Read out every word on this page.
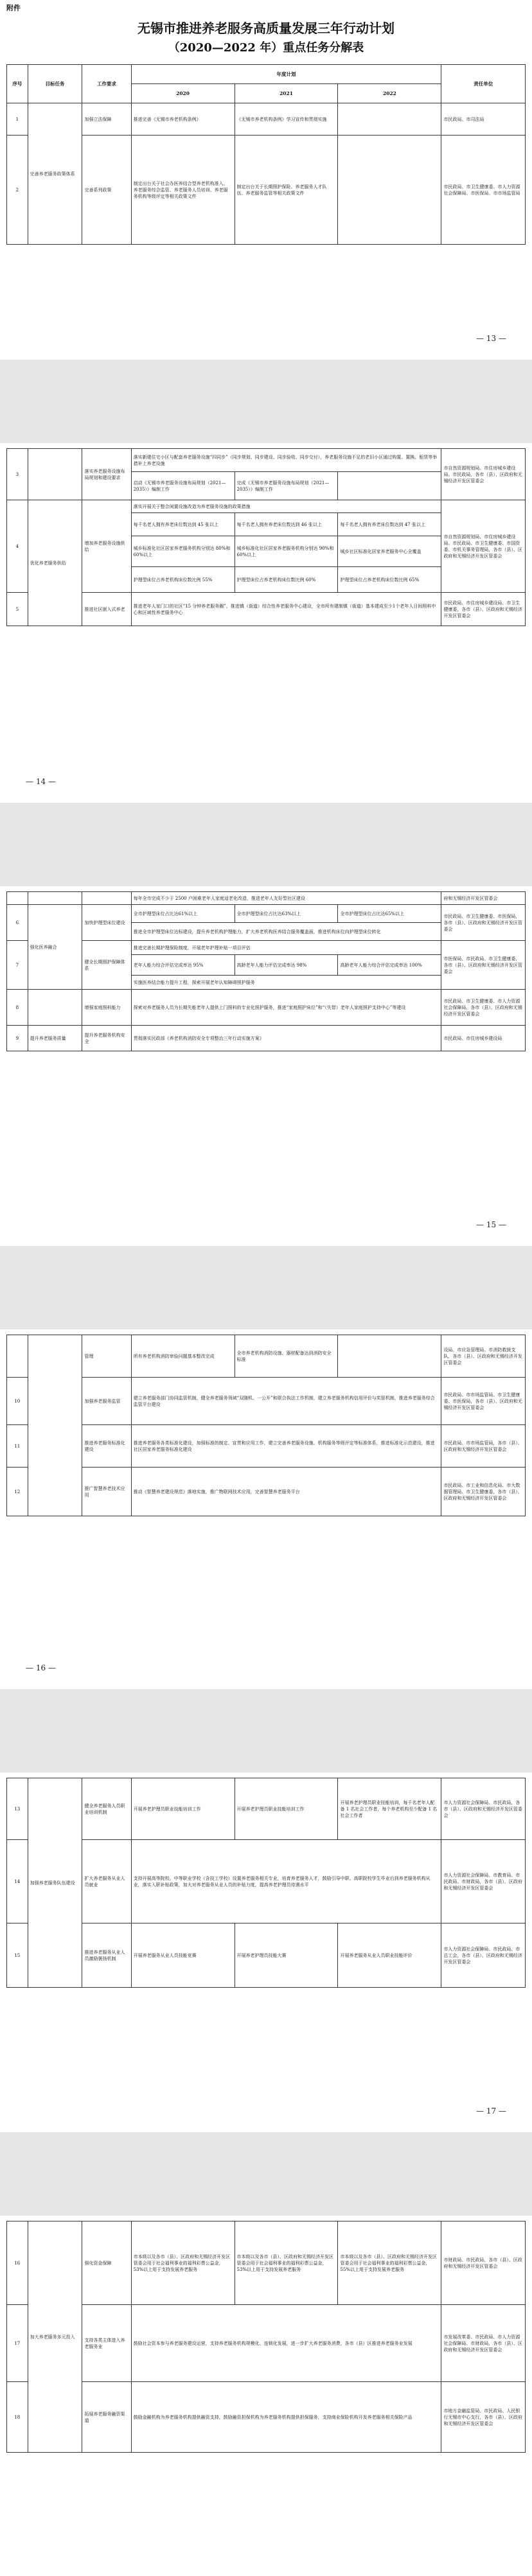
附件
无锡市推进养老服务高质量发展三年行动计划
（2020—2022 年）重点任务分解表
序号	目标任务	工作要求	年度计划			责任单位
			2020	2021	2022	
1	完善养老服务政策体系	加强立法保障	推进完善《无锡市养老机构条例》	《无锡市养老机构条例》学习宣传和贯彻实施		市民政局、市司法局
2		完善系列政策	制定出台关于社会办医养结合型养老机构准入、养老服务综合监管、养老服务人员培训、养老服务机构等级评定等相关政策文件	制定出台关于长期照护保险、养老服务人才队伍、养老服务监管等相关政策文件		市民政局、市卫生健康委、市人力资源社会保障局、市医保局、市市场监管局
— 13 —
3		落实养老服务设施布局规划和建设要求	落实新建住宅小区与配套养老服务设施“四同步”（同步规划、同步建设、同步验收、同步交付），养老服务设施不足的老旧小区通过购置、置换、租赁等举措补上养老设施			市自然资源规划局、市住房城乡建设局、市民政局，各市（县）、区政府和无锡经济开发区管委会
			启动《无锡市养老服务设施布局规划（2021—2035）》编制工作	完成《无锡市养老服务设施布局规划（2021—2035）》编制工作		
4	优化养老服务供给	增加养老服务设施供给	落实开展关于整合闲置设施改造为养老服务设施的政策措施			市自然资源规划局、市住房城乡建设局、市民政局、市卫生健康委、市国资委、市机关事务管理局，各市（县）、区政府和无锡经济开发区管委会
			每千名老人拥有养老床位数达到 45 张以上	每千名老人拥有养老床位数达到 46 张以上	每千名老人拥有养老床位数达到 47 张以上	
			城乡标准化社区居家养老服务机构分别达 80%和 60%以上	城乡标准化社区居家养老服务机构分别达 90%和 60%以上	城乡社区标准化居家养老服务中心全覆盖	
			护理型床位占养老机构床位数比例 55%	护理型床位占养老机构床位数比例 60%	护理型床位占养老机构床位数比例 65%	
5		推进社区嵌入式养老	推进老年人家门口的社区“15 分钟养老服务圈”，推进镇（街道）综合性养老服务中心建设，全市所有建制镇（街道）基本建成至少1个老年人日间照料中心和区域性养老服务中心			市民政局、市住房城乡建设局、市卫生健康委，各市（县）、区政府和无锡经济开发区管委会
— 14 —
			每年全市完成不少于 2500 户困难老年人家庭适老化改造，推进老年人友好型社区建设			府和无锡经济开发区管委会
6	强化医养融合	加快护理型床位建设	全市护理型床位占比达61%以上	全市护理型床位占比达63%以上	全市护理型床位占比达65%以上	市民政局、市卫生健康委、市医保局，各市（县）、区政府和无锡经济开发区管委会
			推进全市护理型床位达标建设，提升养老机构护理能力，扩大养老机构医养结合服务覆盖面，推进机构床位向护理型床位转化			
7		健全长期照护保障体系	推进完善长期护理保险制度，开展老年护理补贴一项目评估			市医保局、市民政局、市卫生健康委，各市（县）、区政府和无锡经济开发区管委会
			老年人能力综合评估完成率达 95%	高龄老年人能力评估完成率达 98%	高龄老年人能力综合评估完成率达 100%	
			实施医养结合能力提升工程，探索开展老年认知障碍照护服务			
8		增强家庭照料能力	探索对养老服务人员为长期失能老年人提供上门照料的专业化照护服务，推进“家庭照护床位”和“（失智）老年人家庭照护支持中心”等建设			市民政局、市卫生健康委、市人力资源社会保障局，各市（县）、区政府和无锡经济开发区管委会
9	提升养老服务质量	提升养老服务机构安全	贯彻落实民政部《养老机构消防安全专项整治三年行动实施方案》			市民政局、市住房城乡建设局
— 15 —
		管理	所有养老机构消防审验问题基本整改完成	全市养老机构消防设施、器材配备达到消防安全标准		设局、市应急管理局、市消防救援支队，各市（县）、区政府和无锡经济开发区管委会
10		加强养老服务监管	建立养老服务部门协同监管机制，健全养老服务领域“双随机、一公开”和联合执法工作机制，建立养老服务机构信用评价与奖惩机制，推进养老服务综合监管平台建设			市民政局、市市场监管局、市卫生健康委、市医保局，各市（县）、区政府和无锡经济开发区管委会
11		推进养老服务标准化建设	推进养老服务各类标准化建设，加强标准的制定、宣贯和应用工作，建立完善养老服务设施、机构服务等级评定等标准体系，推进标准化示范建设，推进社区居家养老服务标准化建设			市民政局、市市场监管局，各市（县）、区政府和无锡经济开发区管委会
12		推广智慧养老技术应用	推动《智慧养老建设规范》落地实施，推广物联网技术应用，完善智慧养老服务平台			市民政局、市工业和信息化局、市大数据管理局、市卫生健康委，各市（县）、区政府和无锡经济开发区管委会
— 16 —
13	加强养老服务队伍建设	健全养老服务人员职业培训机制	开展养老护理员职业技能培训工作	开展养老护理员职业技能培训工作	开展养老护理员职业技能培训，每千名老年人配备 1 名社会工作者，每个养老机构至少配备 1 名社会工作者	市人力资源社会保障局、市民政局，各市（县）、区政府和无锡经济开发区管委会
14		扩大养老服务从业人员就业	支持开展高等院校、中等职业学校（含技工学校）设置养老服务相关专业，培育养老服务人才，鼓励引导中职、高职院校学生毕业后到养老服务机构从业，落实入职补贴政策，加大对养老服务从业人员的补贴力度，提高养老护理员待遇水平			市人力资源社会保障局、市教育局、市民政局、市财政局，各市（县）、区政府和无锡经济开发区管委会
15		推进养老服务从业人员激励褒扬机制	开展养老服务从业人员技能竞赛	开展养老护理员技能大赛	开展养老服务从业人员职业技能评价	市人力资源社会保障局、市民政局、市总工会，各市（县）、区政府和无锡经济开发区管委会
— 17 —
16	加大养老服务多元投入	强化资金保障	市本级以及各市（县）、区政府和无锡经济开发区管委会用于社会福利事业的福利彩票公益金，53%以上用于支持发展养老服务	市本级以及各市（县）、区政府和无锡经济开发区管委会用于社会福利事业的福利彩票公益金，53%以上用于支持发展养老服务	市本级以及各市（县）、区政府和无锡经济开发区管委会用于社会福利事业的福利彩票公益金，55%以上用于支持发展养老服务	市财政局、市民政局，各市（县）、区政府和无锡经济开发区管委会
17		支持各类主体进入养老服务业	鼓励社会资本参与养老服务建设运营，支持养老服务机构规模化、连锁化发展，进一步扩大养老服务消费，各市（县）区推进养老服务业发展			市发展改革委、市民政局、市人力资源社会保障局、市财政局，各市（县）、区政府和无锡经济开发区管委会
18		拓展养老服务融资渠道	鼓励金融机构为养老服务机构提供融资支持，鼓励融资担保机构为养老服务机构提供担保服务，支持商业保险机构开发养老服务相关保险产品			市地方金融监管局、市民政局、人民银行无锡市中心支行，各市（县）、区政府和无锡经济开发区管委会
